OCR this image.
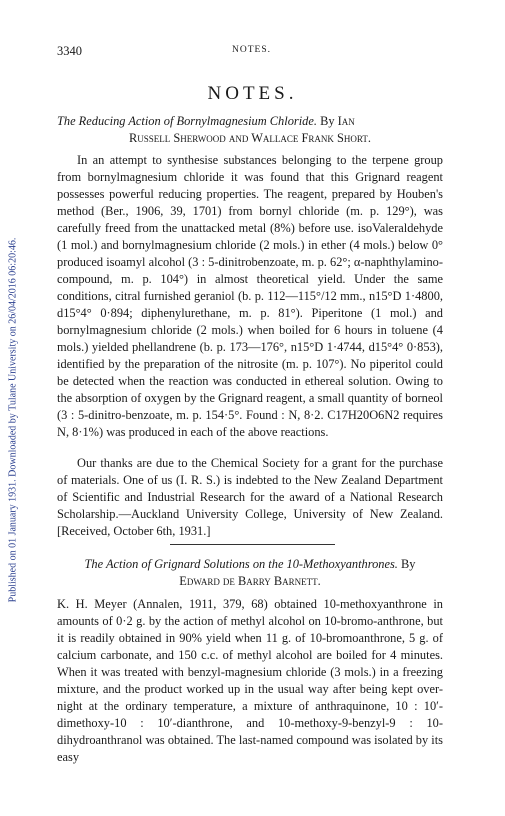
3340	NOTES.
Published on 01 January 1931. Downloaded by Tulane University on 26/04/2016 06:20:46.
NOTES.
The Reducing Action of Bornylmagnesium Chloride. By Ian
Russell Sherwood and Wallace Frank Short.

In an attempt to synthesise substances belonging to the terpene group from bornylmagnesium chloride it was found that this Grignard reagent possesses powerful reducing properties. The reagent, prepared by Houben's method (Ber., 1906, 39, 1701) from bornyl chloride (m. p. 129°), was carefully freed from the unattacked metal (8%) before use. isoValeraldehyde (1 mol.) and bornylmagnesium chloride (2 mols.) in ether (4 mols.) below 0° produced isoamyl alcohol (3 : 5-dinitrobenzoate, m. p. 62°; α-naphthylamino-compound, m. p. 104°) in almost theoretical yield. Under the same conditions, citral furnished geraniol (b. p. 112—115°/12 mm., n15°D 1·4800, d15°4° 0·894; diphenylurethane, m. p. 81°). Piperitone (1 mol.) and bornylmagnesium chloride (2 mols.) when boiled for 6 hours in toluene (4 mols.) yielded phellandrene (b. p. 173—176°, n15°D 1·4744, d15°4° 0·853), identified by the preparation of the nitrosite (m. p. 107°). No piperitol could be detected when the reaction was conducted in ethereal solution. Owing to the absorption of oxygen by the Grignard reagent, a small quantity of borneol (3 : 5-dinitro-benzoate, m. p. 154·5°. Found : N, 8·2. C17H20O6N2 requires N, 8·1%) was produced in each of the above reactions.

Our thanks are due to the Chemical Society for a grant for the purchase of materials. One of us (I. R. S.) is indebted to the New Zealand Department of Scientific and Industrial Research for the award of a National Research Scholarship.—Auckland University College, University of New Zealand. [Received, October 6th, 1931.]

The Action of Grignard Solutions on the 10-Methoxyanthrones. By
Edward de Barry Barnett.

K. H. Meyer (Annalen, 1911, 379, 68) obtained 10-methoxyanthrone in amounts of 0·2 g. by the action of methyl alcohol on 10-bromo-anthrone, but it is readily obtained in 90% yield when 11 g. of 10-bromoanthrone, 5 g. of calcium carbonate, and 150 c.c. of methyl alcohol are boiled for 4 minutes. When it was treated with benzyl-magnesium chloride (3 mols.) in a freezing mixture, and the product worked up in the usual way after being kept over-night at the ordinary temperature, a mixture of anthraquinone, 10 : 10′-dimethoxy-10 : 10′-dianthrone, and 10-methoxy-9-benzyl-9 : 10-dihydroanthranol was obtained. The last-named compound was isolated by its easy
